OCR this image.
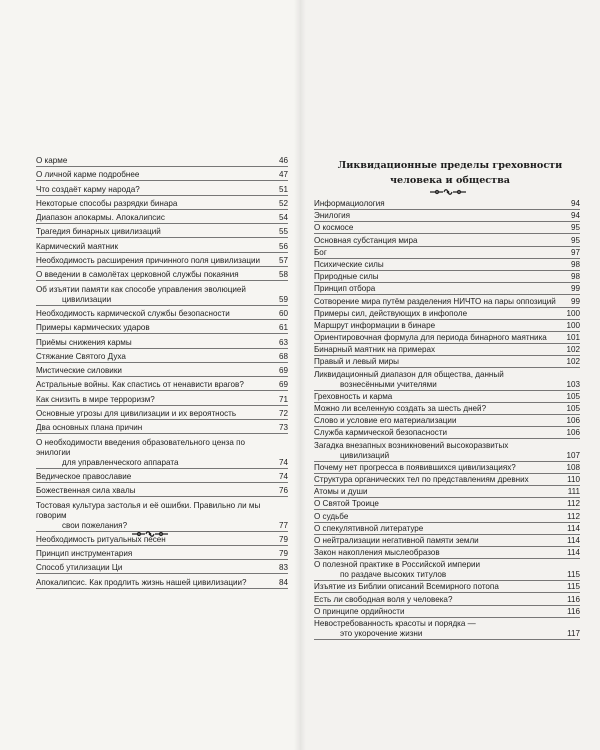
О карме	46
О личной карме подробнее	47
Что создаёт карму народа?	51
Некоторые способы разрядки бинара	52
Диапазон апокармы. Апокалипсис	54
Трагедия бинарных цивилизаций	55
Кармический маятник	56
Необходимость расширения причинного поля цивилизации	57
О введении в самолётах церковной службы покаяния	58
Об изъятии памяти как способе управления эволюцией
цивилизации	59
Необходимость кармической службы безопасности	60
Примеры кармических ударов	61
Приёмы снижения кармы	63
Стяжание Святого Духа	68
Мистические силовики	69
Астральные войны. Как спастись от ненависти врагов?	69
Как снизить в мире терроризм?	71
Основные угрозы для цивилизации и их вероятность	72
Два основных плана причин	73
О необходимости введения образовательного ценза по энилогии
для управленческого аппарата	74
Ведическое православие	74
Божественная сила хвалы	76
Тостовая культура застолья и её ошибки. Правильно ли мы говорим
свои пожелания?	77
Необходимость ритуальных песен	79
Принцип инструментария	79
Способ утилизации Ци	83
Апокалипсис. Как продлить жизнь нашей цивилизации?	84
Ликвидационные пределы греховности
человека и общества
Информациология	94
Энилогия	94
О космосе	95
Основная субстанция мира	95
Бог	97
Психические силы	98
Природные силы	98
Принцип отбора	99
Сотворение мира путём разделения НИЧТО на пары оппозиций	99
Примеры сил, действующих в инфополе	100
Маршрут информации в бинаре	100
Ориентировочная формула для периода бинарного маятника	101
Бинарный маятник на примерах	102
Правый и левый миры	102
Ликвидационный диапазон для общества, данный
вознесёнными учителями	103
Греховность и карма	105
Можно ли вселенную создать за шесть дней?	105
Слово и условие его материализации	106
Служба кармической безопасности	106
Загадка внезапных возникновений высокоразвитых
цивилизаций	107
Почему нет прогресса в появившихся цивилизациях?	108
Структура органических тел по представлениям древних	110
Атомы и души	111
О Святой Троице	112
О судьбе	112
О спекулятивной литературе	114
О нейтрализации негативной памяти земли	114
Закон накопления мыслеобразов	114
О полезной практике в Российской империи
по раздаче высоких титулов	115
Изъятие из Библии описаний Всемирного потопа	115
Есть ли свободная воля у человека?	116
О принципе ордийности	116
Невостребованность красоты и порядка —
это укорочение жизни	117
